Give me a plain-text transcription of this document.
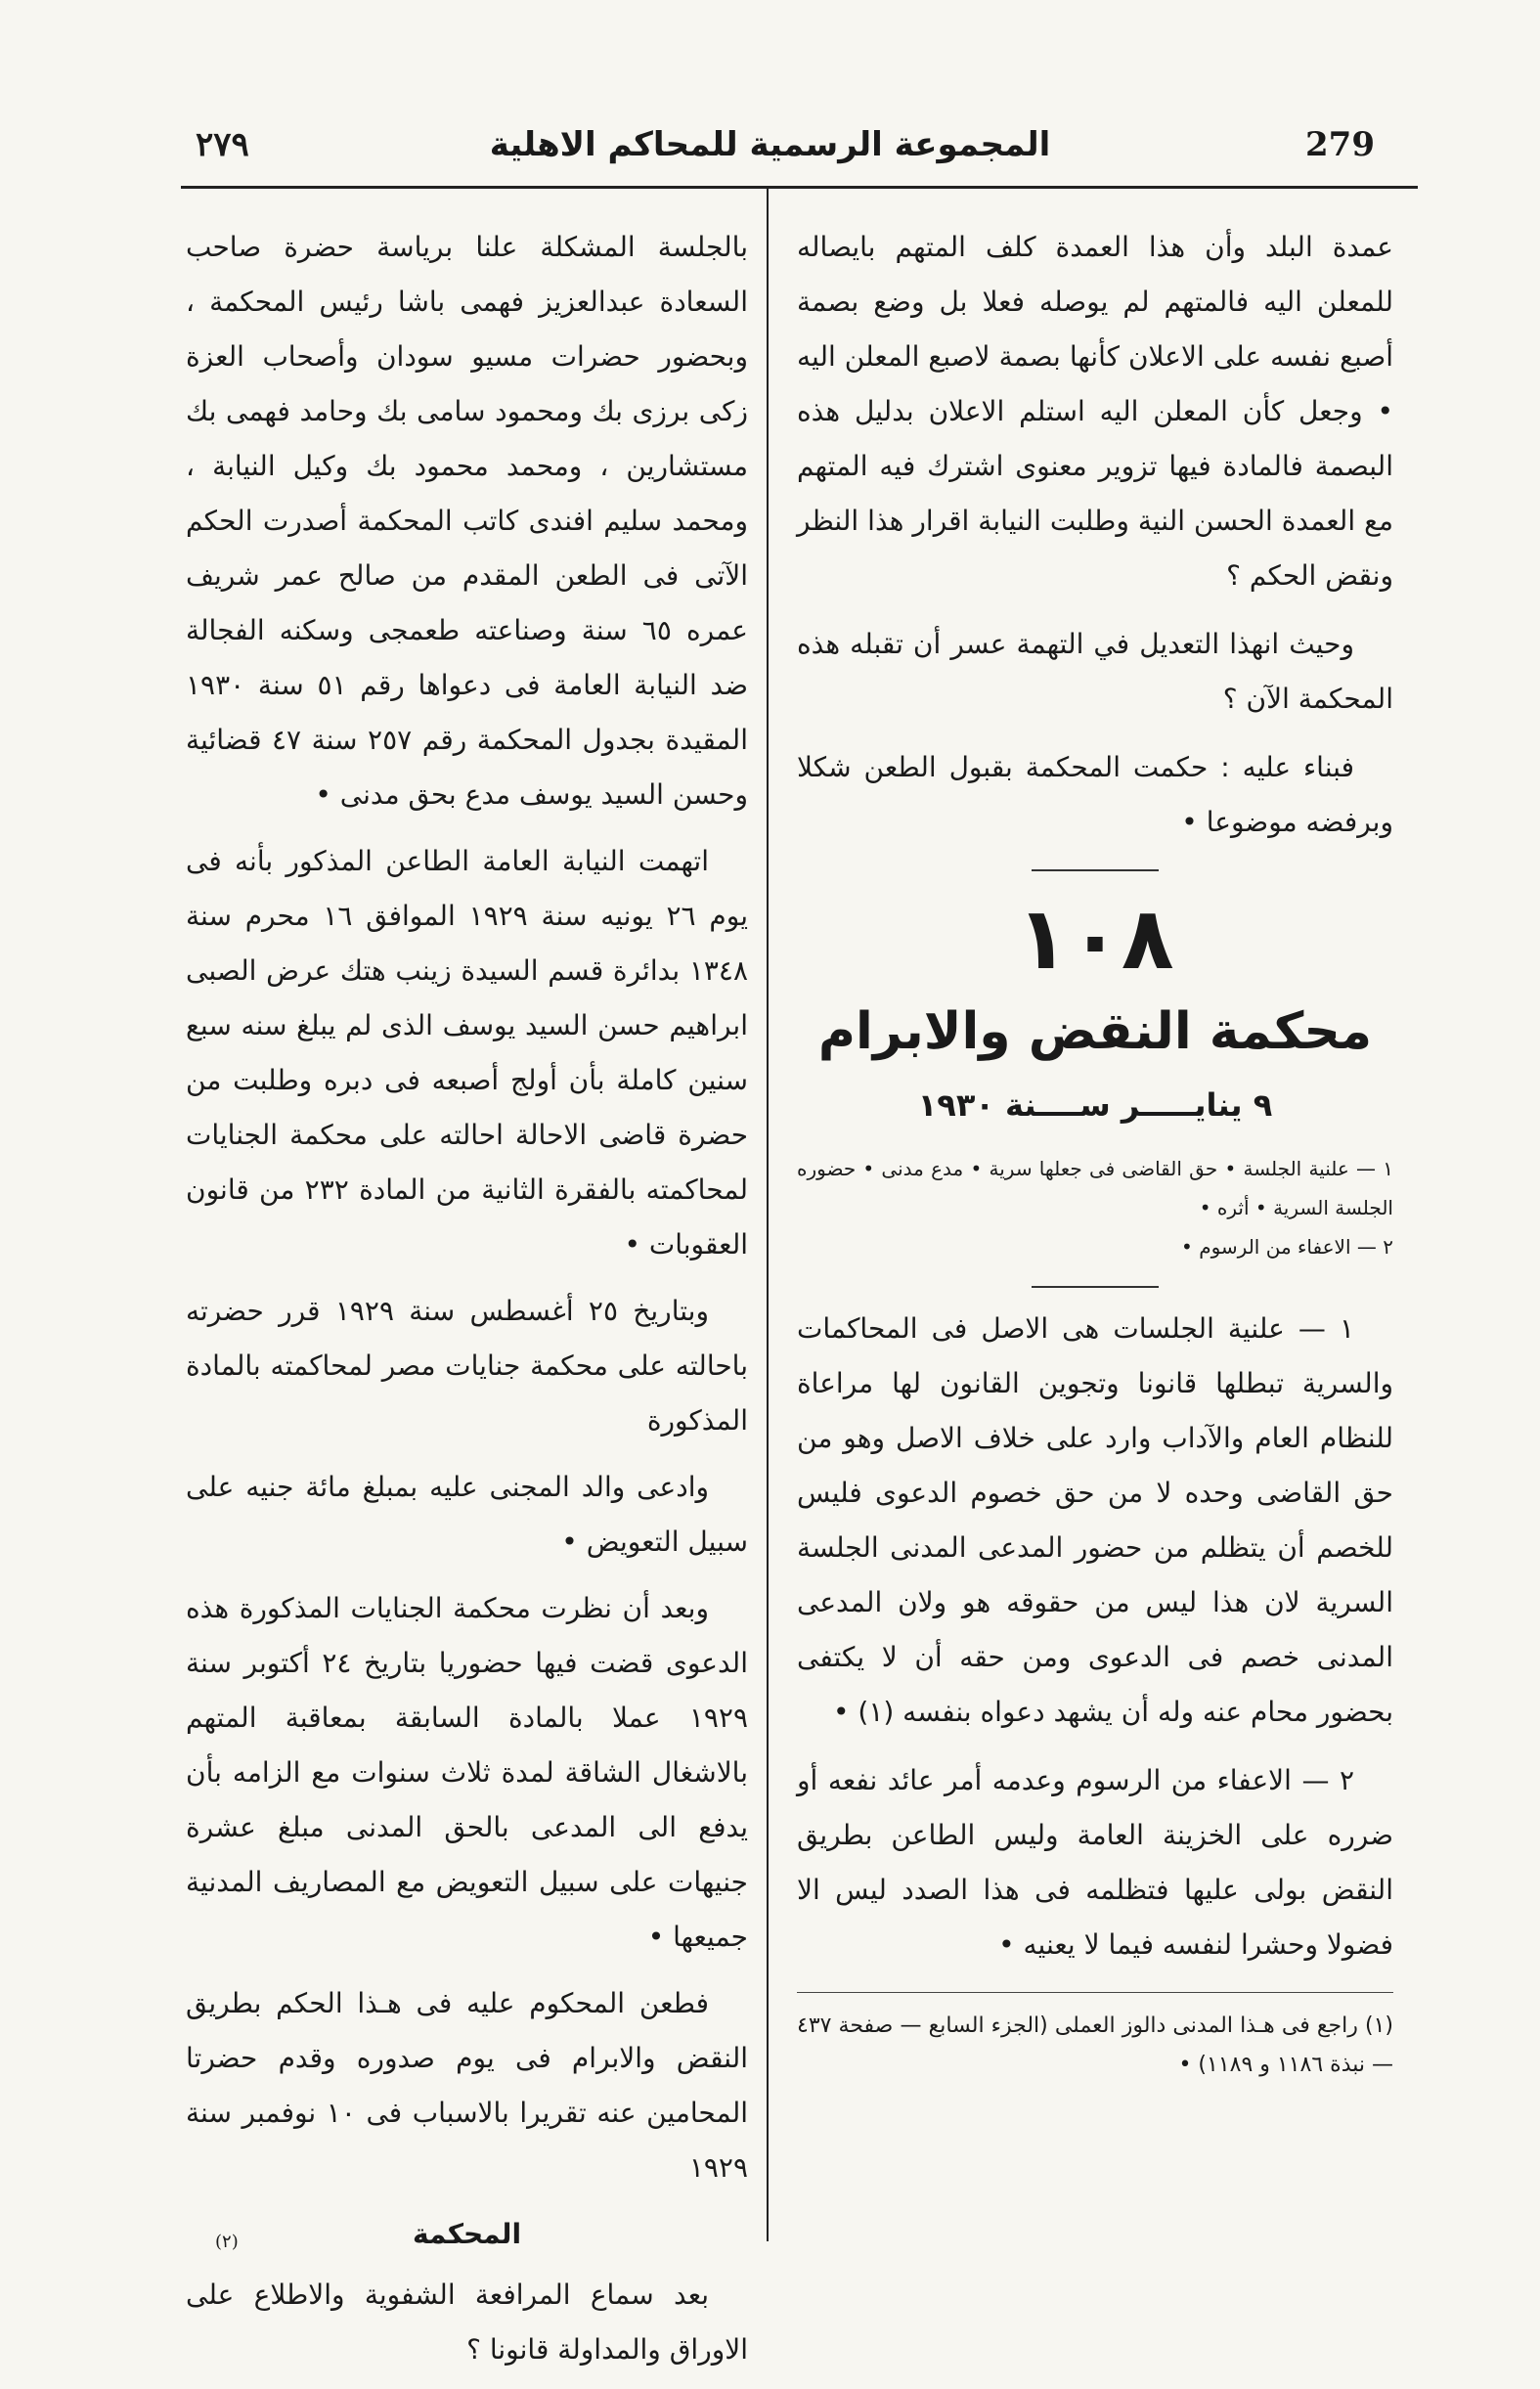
٢٧٩	المجموعة الرسمية للمحاكم الاهلية	279

عمدة البلد وأن هذا العمدة كلف المتهم بايصاله للمعلن اليه فالمتهم لم يوصله فعلا بل وضع بصمة أصبع نفسه على الاعلان كأنها بصمة لاصبع المعلن اليه • وجعل كأن المعلن اليه استلم الاعلان بدليل هذه البصمة فالمادة فيها تزوير معنوى اشترك فيه المتهم مع العمدة الحسن النية وطلبت النيابة اقرار هذا النظر ونقض الحكم ؟

وحيث انهذا التعديل في التهمة عسر أن تقبله هذه المحكمة الآن ؟

فبناء عليه : حكمت المحكمة بقبول الطعن شكلا وبرفضه موضوعا •

١٠٨
محكمة النقض والابرام
٩ ينايـــــر ســــنة ١٩٣٠
١ — علنية الجلسة • حق القاضى فى جعلها سرية • مدع مدنى • حضوره الجلسة السرية • أثره •
٢ — الاعفاء من الرسوم •

١ — علنية الجلسات هى الاصل فى المحاكمات والسرية تبطلها قانونا وتجوين القانون لها مراعاة للنظام العام والآداب وارد على خلاف الاصل وهو من حق القاضى وحده لا من حق خصوم الدعوى فليس للخصم أن يتظلم من حضور المدعى المدنى الجلسة السرية لان هذا ليس من حقوقه هو ولان المدعى المدنى خصم فى الدعوى ومن حقه أن لا يكتفى بحضور محام عنه وله أن يشهد دعواه بنفسه (١) •

٢ — الاعفاء من الرسوم وعدمه أمر عائد نفعه أو ضرره على الخزينة العامة وليس الطاعن بطريق النقض بولى عليها فتظلمه فى هذا الصدد ليس الا فضولا وحشرا لنفسه فيما لا يعنيه •

(١) راجع فى هـذا المدنى دالوز العملى (الجزء السابع — صفحة ٤٣٧ — نبذة ١١٨٦ و ١١٨٩) •

بالجلسة المشكلة علنا برياسة حضرة صاحب السعادة عبدالعزيز فهمى باشا رئيس المحكمة ، وبحضور حضرات مسيو سودان وأصحاب العزة زكى برزى بك ومحمود سامى بك وحامد فهمى بك مستشارين ، ومحمد محمود بك وكيل النيابة ، ومحمد سليم افندى كاتب المحكمة أصدرت الحكم الآتى فى الطعن المقدم من صالح عمر شريف عمره ٦٥ سنة وصناعته طعمجى وسكنه الفجالة ضد النيابة العامة فى دعواها رقم ٥١ سنة ١٩٣٠ المقيدة بجدول المحكمة رقم ٢٥٧ سنة ٤٧ قضائية وحسن السيد يوسف مدع بحق مدنى •

اتهمت النيابة العامة الطاعن المذكور بأنه فى يوم ٢٦ يونيه سنة ١٩٢٩ الموافق ١٦ محرم سنة ١٣٤٨ بدائرة قسم السيدة زينب هتك عرض الصبى ابراهيم حسن السيد يوسف الذى لم يبلغ سنه سبع سنين كاملة بأن أولج أصبعه فى دبره وطلبت من حضرة قاضى الاحالة احالته على محكمة الجنايات لمحاكمته بالفقرة الثانية من المادة ٢٣٢ من قانون العقوبات •

وبتاريخ ٢٥ أغسطس سنة ١٩٢٩ قرر حضرته باحالته على محكمة جنايات مصر لمحاكمته بالمادة المذكورة

وادعى والد المجنى عليه بمبلغ مائة جنيه على سبيل التعويض •

وبعد أن نظرت محكمة الجنايات المذكورة هذه الدعوى قضت فيها حضوريا بتاريخ ٢٤ أكتوبر سنة ١٩٢٩ عملا بالمادة السابقة بمعاقبة المتهم بالاشغال الشاقة لمدة ثلاث سنوات مع الزامه بأن يدفع الى المدعى بالحق المدنى مبلغ عشرة جنيهات على سبيل التعويض مع المصاريف المدنية جميعها •

فطعن المحكوم عليه فى هـذا الحكم بطريق النقض والابرام فى يوم صدوره وقدم حضرتا المحامين عنه تقريرا بالاسباب فى ١٠ نوفمبر سنة ١٩٢٩

المحكمة

بعد سماع المرافعة الشفوية والاطلاع على الاوراق والمداولة قانونا ؟

(٢)
